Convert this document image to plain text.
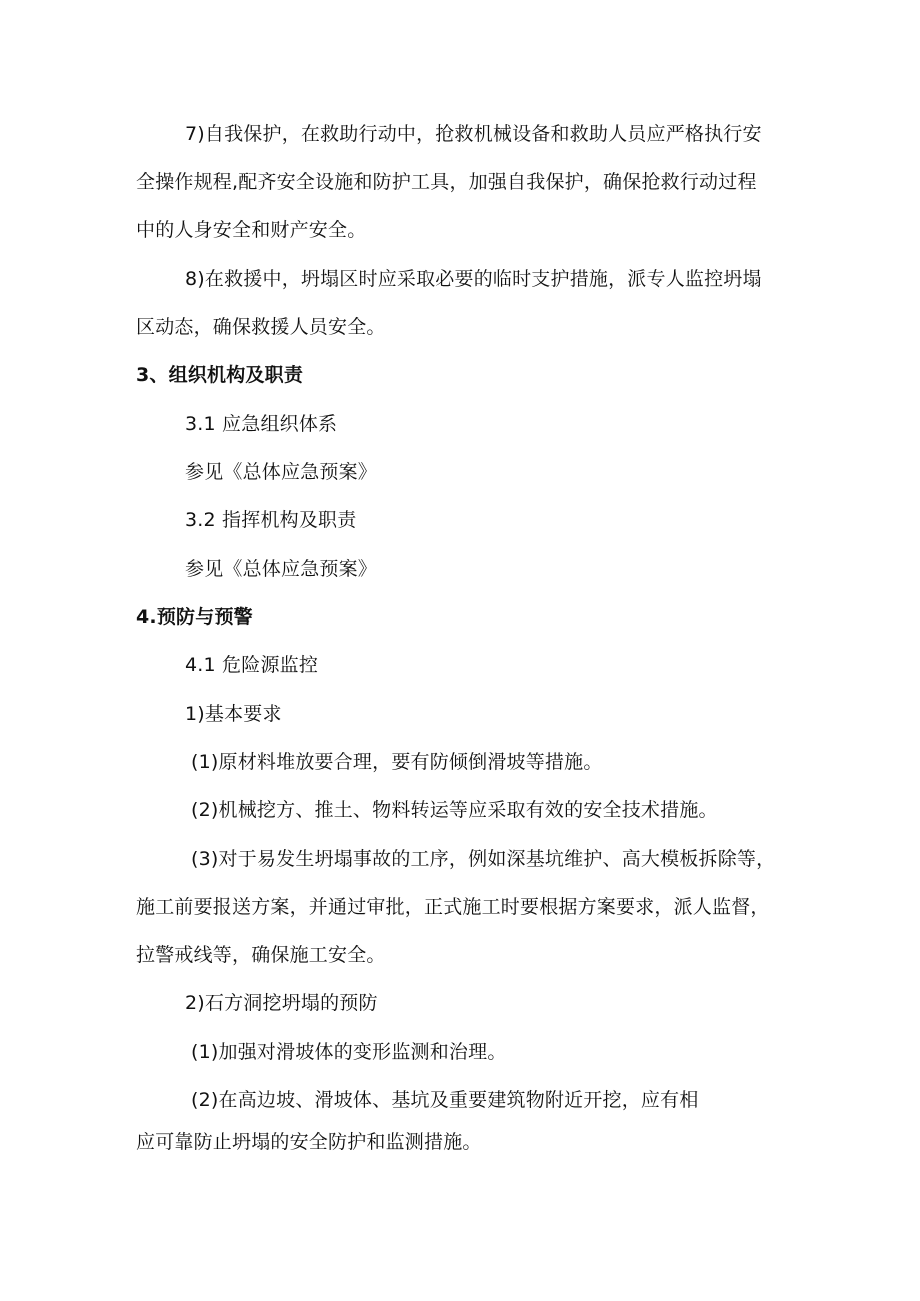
7)自我保护，在救助行动中，抢救机械设备和救助人员应严格执行安
全操作规程,配齐安全设施和防护工具，加强自我保护，确保抢救行动过程
中的人身安全和财产安全。
8)在救援中，坍塌区时应采取必要的临时支护措施，派专人监控坍塌
区动态，确保救援人员安全。
3、组织机构及职责
3.1 应急组织体系
参见《总体应急预案》
3.2 指挥机构及职责
参见《总体应急预案》
4.预防与预警
4.1 危险源监控
1)基本要求
(1)原材料堆放要合理，要有防倾倒滑坡等措施。
(2)机械挖方、推土、物料转运等应采取有效的安全技术措施。
(3)对于易发生坍塌事故的工序，例如深基坑维护、高大模板拆除等，
施工前要报送方案，并通过审批，正式施工时要根据方案要求，派人监督，
拉警戒线等，确保施工安全。
2)石方洞挖坍塌的预防
(1)加强对滑坡体的变形监测和治理。
(2)在高边坡、滑坡体、基坑及重要建筑物附近开挖，应有相
应可靠防止坍塌的安全防护和监测措施。
